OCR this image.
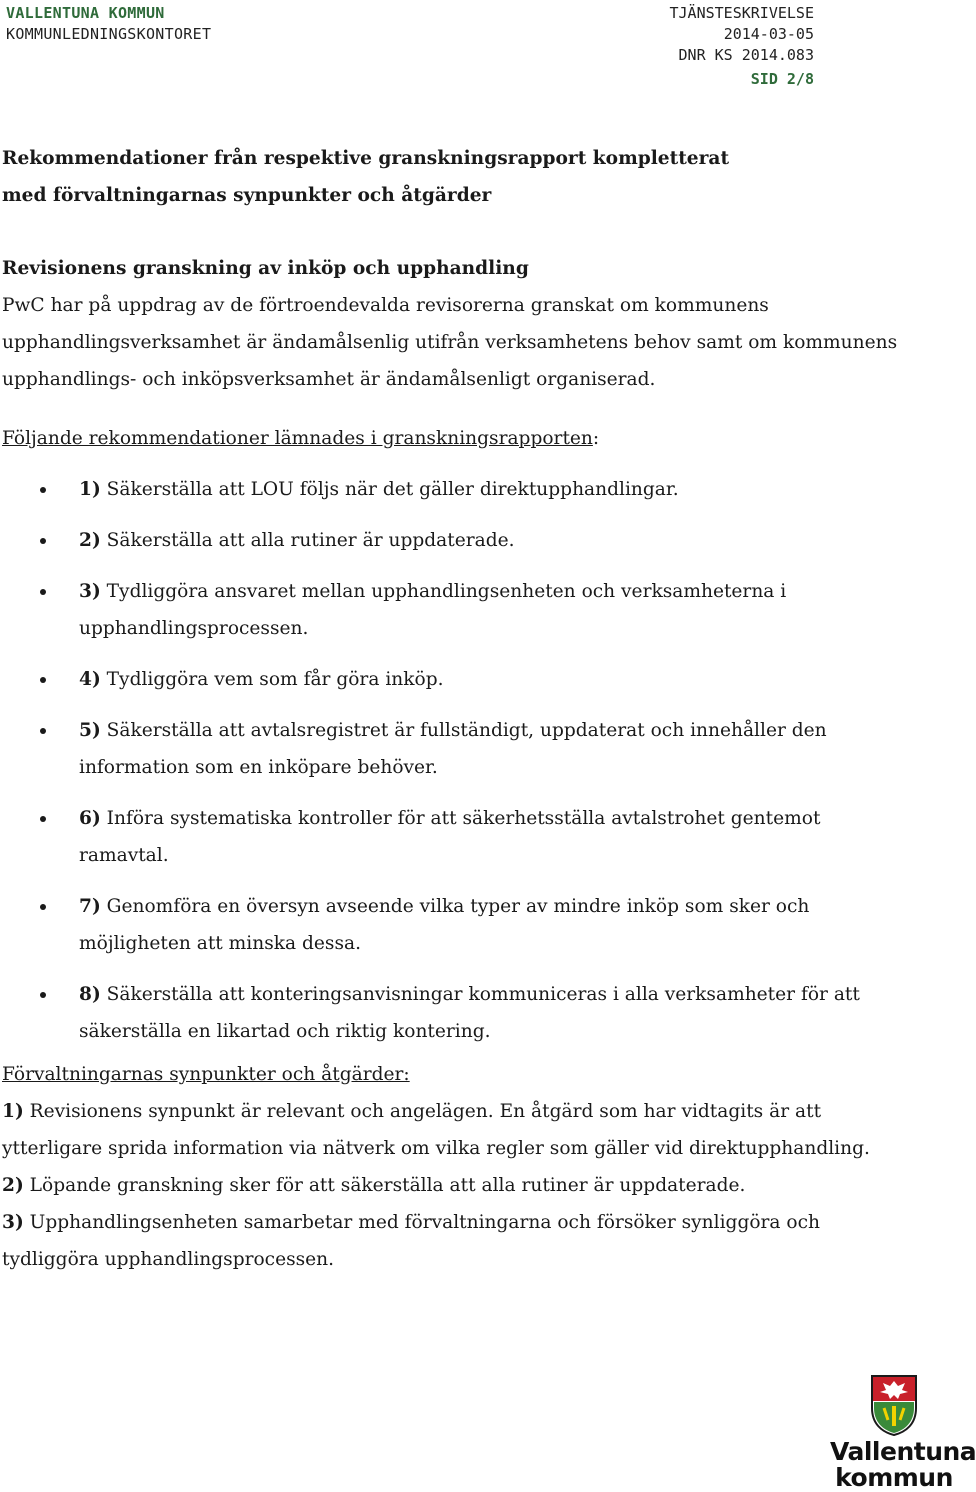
VALLENTUNA KOMMUN
KOMMUNLEDNINGSKONTORET
TJÄNSTESKRIVELSE
2014-03-05
DNR KS 2014.083
SID 2/8
Rekommendationer från respektive granskningsrapport kompletterat
med förvaltningarnas synpunkter och åtgärder

Revisionens granskning av inköp och upphandling

PwC har på uppdrag av de förtroendevalda revisorerna granskat om kommunens upphandlingsverksamhet är ändamålsenlig utifrån verksamhetens behov samt om kommunens upphandlings- och inköpsverksamhet är ändamålsenligt organiserad.

Följande rekommendationer lämnades i granskningsrapporten:

1) Säkerställa att LOU följs när det gäller direktupphandlingar.
2) Säkerställa att alla rutiner är uppdaterade.
3) Tydliggöra ansvaret mellan upphandlingsenheten och verksamheterna i upphandlingsprocessen.
4) Tydliggöra vem som får göra inköp.
5) Säkerställa att avtalsregistret är fullständigt, uppdaterat och innehåller den information som en inköpare behöver.
6) Införa systematiska kontroller för att säkerhetsställa avtalstrohet gentemot ramavtal.
7) Genomföra en översyn avseende vilka typer av mindre inköp som sker och möjligheten att minska dessa.
8) Säkerställa att konteringsanvisningar kommuniceras i alla verksamheter för att säkerställa en likartad och riktig kontering.

Förvaltningarnas synpunkter och åtgärder:

1) Revisionens synpunkt är relevant och angelägen. En åtgärd som har vidtagits är att ytterligare sprida information via nätverk om vilka regler som gäller vid direktupphandling.

2) Löpande granskning sker för att säkerställa att alla rutiner är uppdaterade.

3) Upphandlingsenheten samarbetar med förvaltningarna och försöker synliggöra och tydliggöra upphandlingsprocessen.

Vallentuna
kommun
